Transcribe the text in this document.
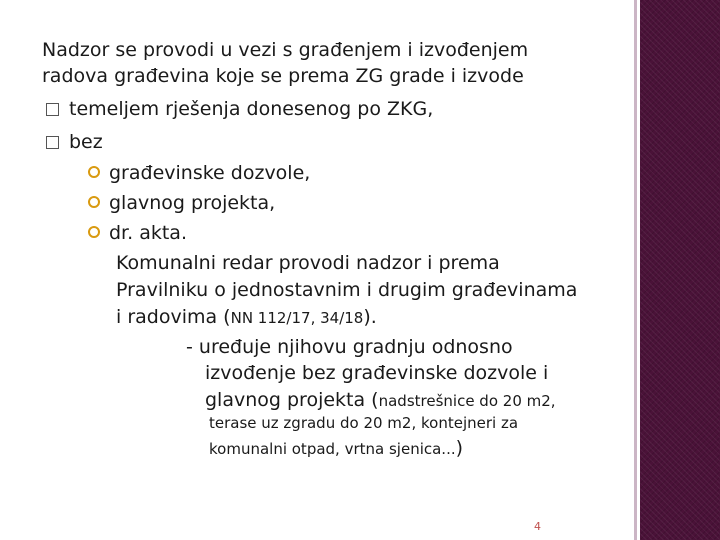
Nadzor se provodi u vezi s građenjem i izvođenjem
radova građevina koje se prema ZG grade i izvode
temeljem rješenja donesenog po ZKG,
bez
građevinske dozvole,
glavnog projekta,
dr. akta.
Komunalni redar provodi nadzor i prema
Pravilniku o jednostavnim i drugim građevinama
i radovima (NN 112/17, 34/18).
- uređuje njihovu gradnju odnosno
izvođenje bez građevinske dozvole i
glavnog projekta (nadstrešnice do 20 m2,
terase uz zgradu do 20 m2, kontejneri za
komunalni otpad, vrtna sjenica...)
4
